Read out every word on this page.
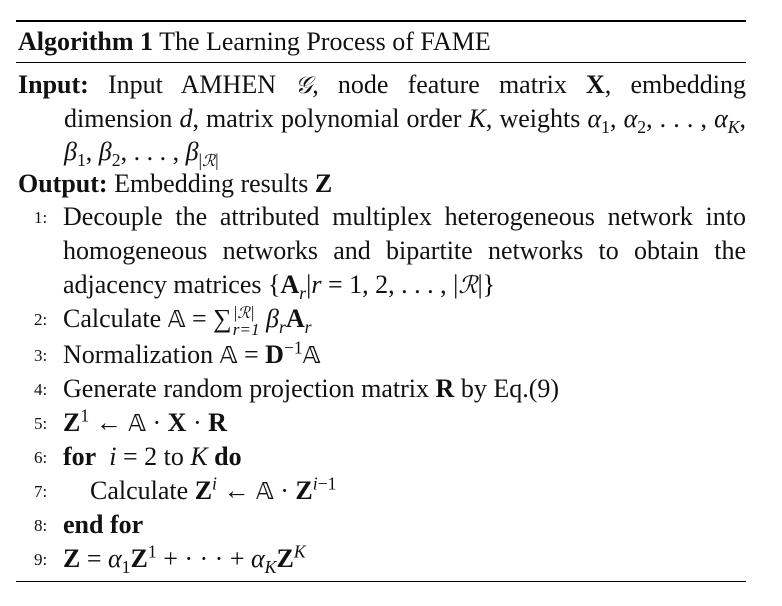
Algorithm 1 The Learning Process of FAME
Input: Input AMHEN 𝒢, node feature matrix X, embedding dimension d, matrix polynomial order K, weights $\alpha_1$, $\alpha_2$, . . . , $\alpha_K$, $\beta_1$, $\beta_2$, . . . , $\beta_{|ℛ|}$
Output: Embedding results Z
1: Decouple the attributed multiplex heterogeneous network into homogeneous networks and bipartite networks to obtain the adjacency matrices {$A_r|r = 1$, 2, . . . , |ℛ|}
2: Calculate 𝔸 = ∑ |ℛ|
r=1 $\beta_rA_r$
3: Normalization 𝔸 = $D^{-1}𝔸$
4: Generate random projection matrix R by Eq.(9)
5: $Z^1$ ← 𝔸 · X · R
6: for i = 2 to K do
7: Calculate $Z^i$ ← 𝔸 · $Z^{i-1}$
8: end for
9: $Z = \alpha_1Z^1$ + · · · + $\alpha_KZ^K$
